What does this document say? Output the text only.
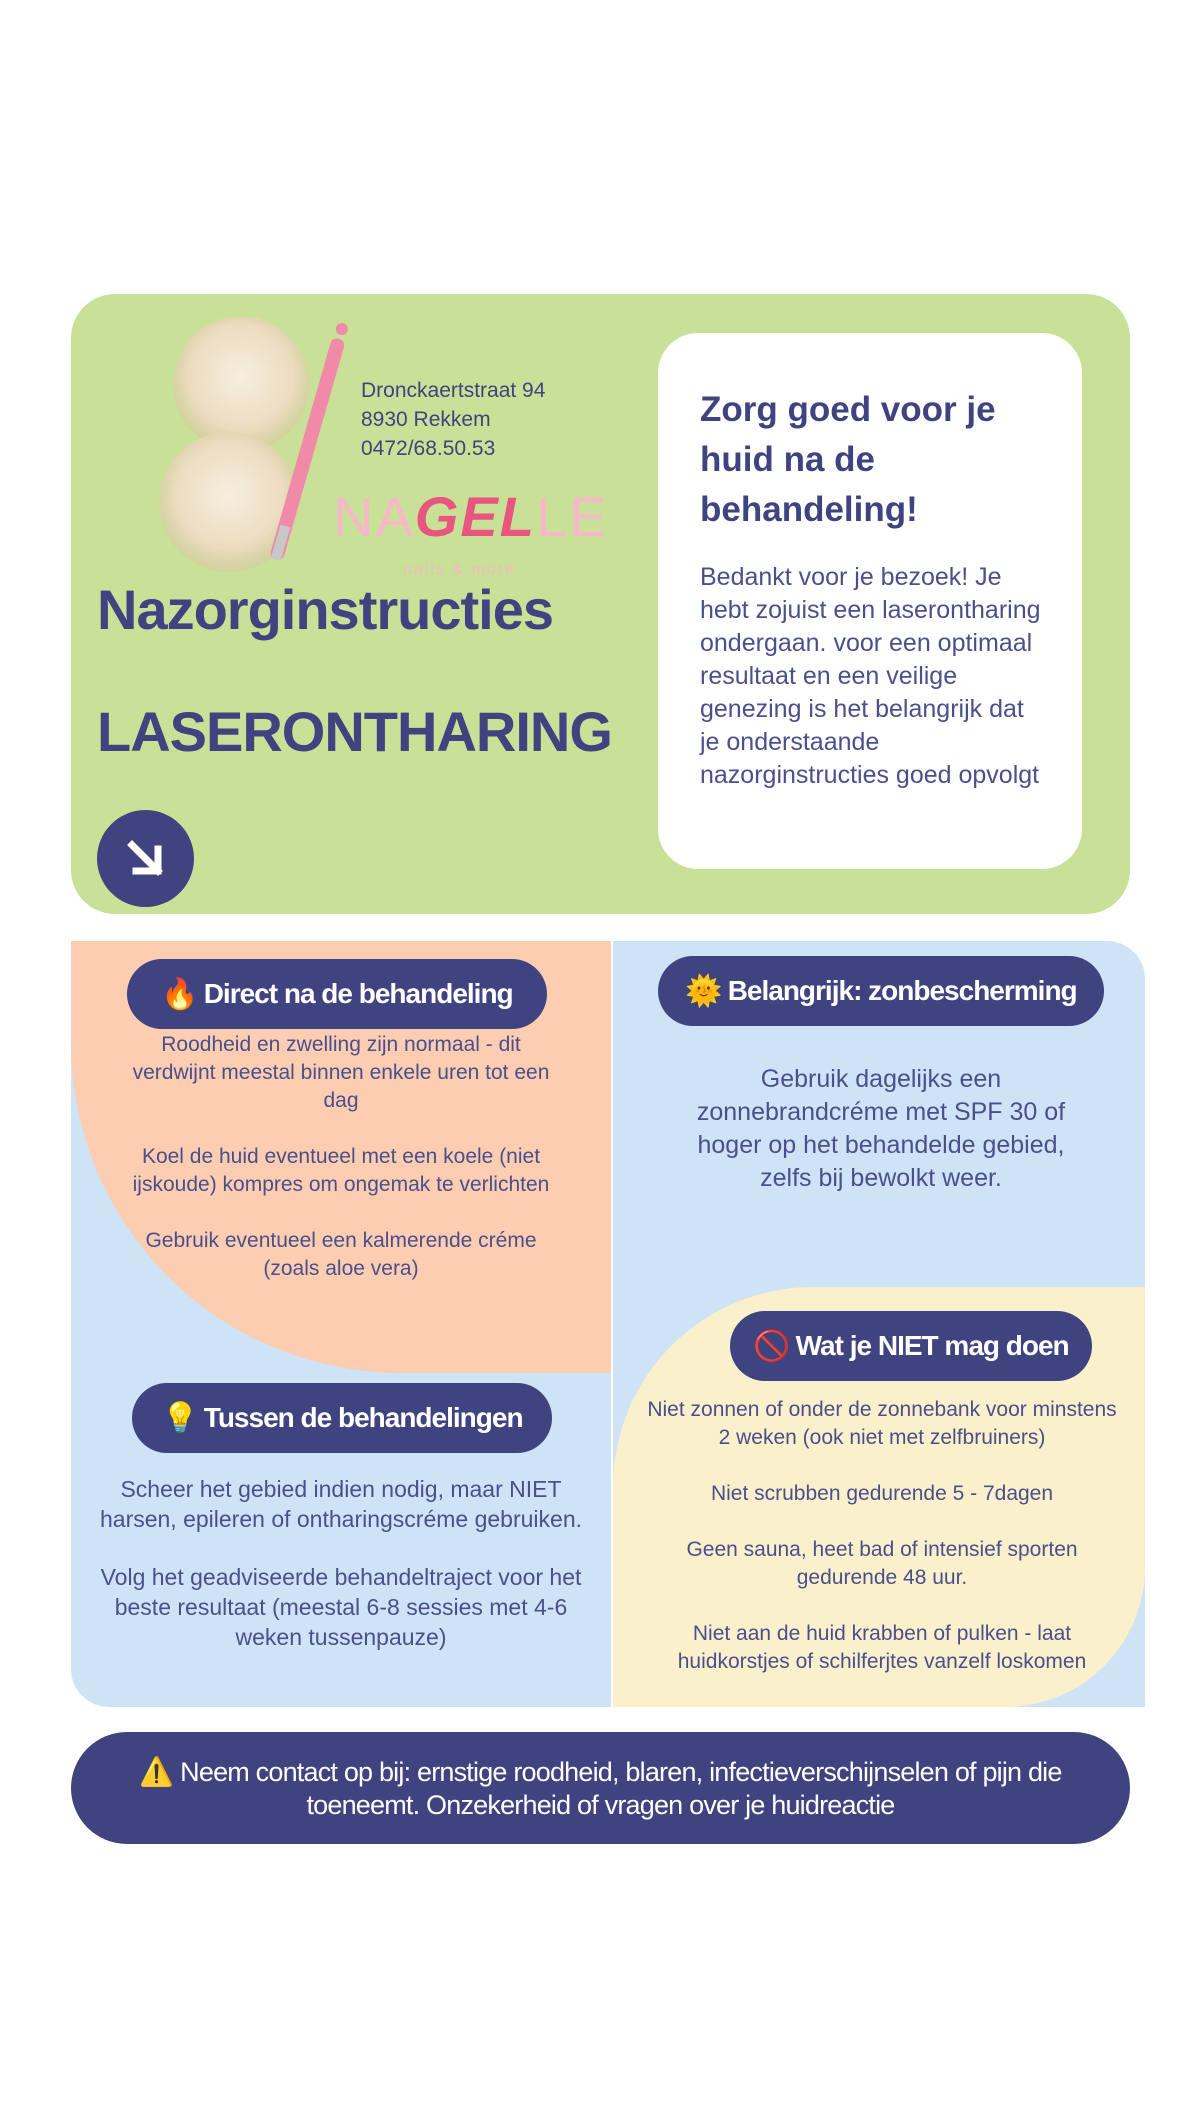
NAGELLE
nails & more
Dronckaertstraat 94
8930 Rekkem
0472/68.50.53
Nazorginstructies
LASERONTHARING
Zorg goed voor je huid na de behandeling!
Bedankt voor je bezoek! Je hebt zojuist een laserontharing ondergaan. voor een optimaal resultaat en een veilige genezing is het belangrijk dat je onderstaande nazorginstructies goed opvolgt
🔥 Direct na de behandeling

Roodheid en zwelling zijn normaal - dit verdwijnt meestal binnen enkele uren tot een dag

Koel de huid eventueel met een koele (niet ijskoude) kompres om ongemak te verlichten

Gebruik eventueel een kalmerende créme (zoals aloe vera)

🌞 Belangrijk: zonbescherming

Gebruik dagelijks een zonnebrandcréme met SPF 30 of hoger op het behandelde gebied, zelfs bij bewolkt weer.

💡 Tussen de behandelingen

Scheer het gebied indien nodig, maar NIET harsen, epileren of ontharingscréme gebruiken.

Volg het geadviseerde behandeltraject voor het beste resultaat (meestal 6-8 sessies met 4-6 weken tussenpauze)

🚫 Wat je NIET mag doen

Niet zonnen of onder de zonnebank voor minstens 2 weken (ook niet met zelfbruiners)

Niet scrubben gedurende 5 - 7dagen

Geen sauna, heet bad of intensief sporten gedurende 48 uur.

Niet aan de huid krabben of pulken - laat huidkorstjes of schilferjtes vanzelf loskomen

⚠️ Neem contact op bij: ernstige roodheid, blaren, infectieverschijnselen of pijn die toeneemt. Onzekerheid of vragen over je huidreactie
